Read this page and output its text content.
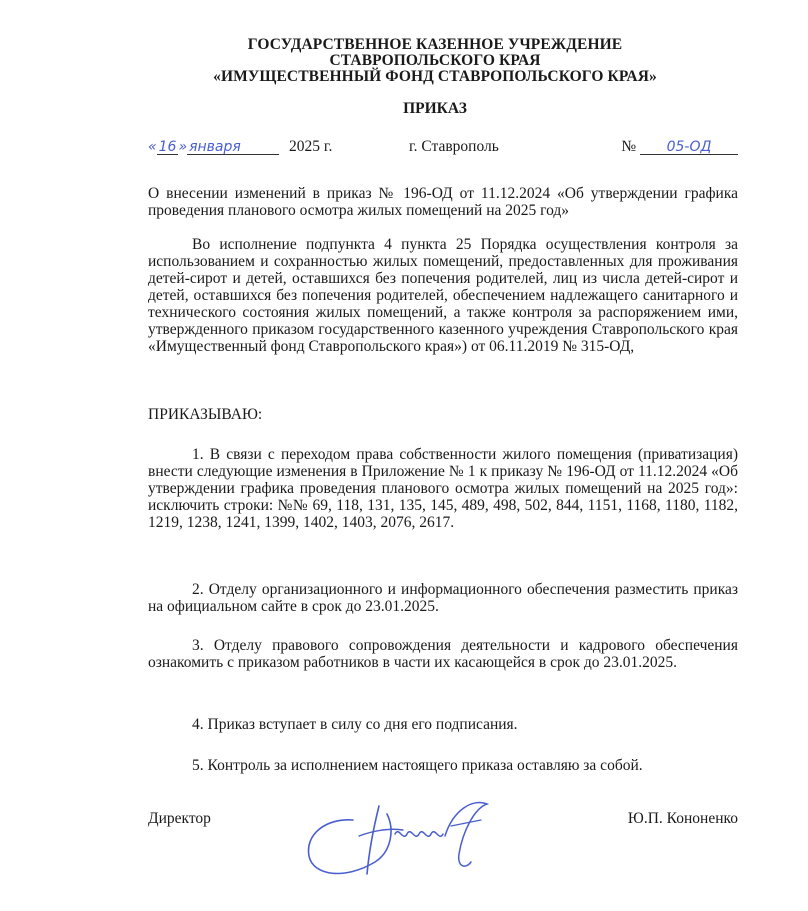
ГОСУДАРСТВЕННОЕ КАЗЕННОЕ УЧРЕЖДЕНИЕ
СТАВРОПОЛЬСКОГО КРАЯ
«ИМУЩЕСТВЕННЫЙ ФОНД СТАВРОПОЛЬСКОГО КРАЯ»
ПРИКАЗ
« 16 » января	2025 г.	г. Ставрополь	№ 05-ОД
О внесении изменений в приказ № 196-ОД от 11.12.2024 «Об утверждении графика проведения планового осмотра жилых помещений на 2025 год»
Во исполнение подпункта 4 пункта 25 Порядка осуществления контроля за использованием и сохранностью жилых помещений, предоставленных для проживания детей-сирот и детей, оставшихся без попечения родителей, лиц из числа детей-сирот и детей, оставшихся без попечения родителей, обеспечением надлежащего санитарного и технического состояния жилых помещений, а также контроля за распоряжением ими, утвержденного приказом государственного казенного учреждения Ставропольского края «Имущественный фонд Ставропольского края») от 06.11.2019 № 315-ОД,
ПРИКАЗЫВАЮ:
1. В связи с переходом права собственности жилого помещения (приватизация) внести следующие изменения в Приложение № 1 к приказу № 196-ОД от 11.12.2024 «Об утверждении графика проведения планового осмотра жилых помещений на 2025 год»: исключить строки: №№ 69, 118, 131, 135, 145, 489, 498, 502, 844, 1151, 1168, 1180, 1182, 1219, 1238, 1241, 1399, 1402, 1403, 2076, 2617.
2. Отделу организационного и информационного обеспечения разместить приказ на официальном сайте в срок до 23.01.2025.
3. Отделу правового сопровождения деятельности и кадрового обеспечения ознакомить с приказом работников в части их касающейся в срок до 23.01.2025.
4. Приказ вступает в силу со дня его подписания.
5. Контроль за исполнением настоящего приказа оставляю за собой.
Директор	Ю.П. Кононенко
